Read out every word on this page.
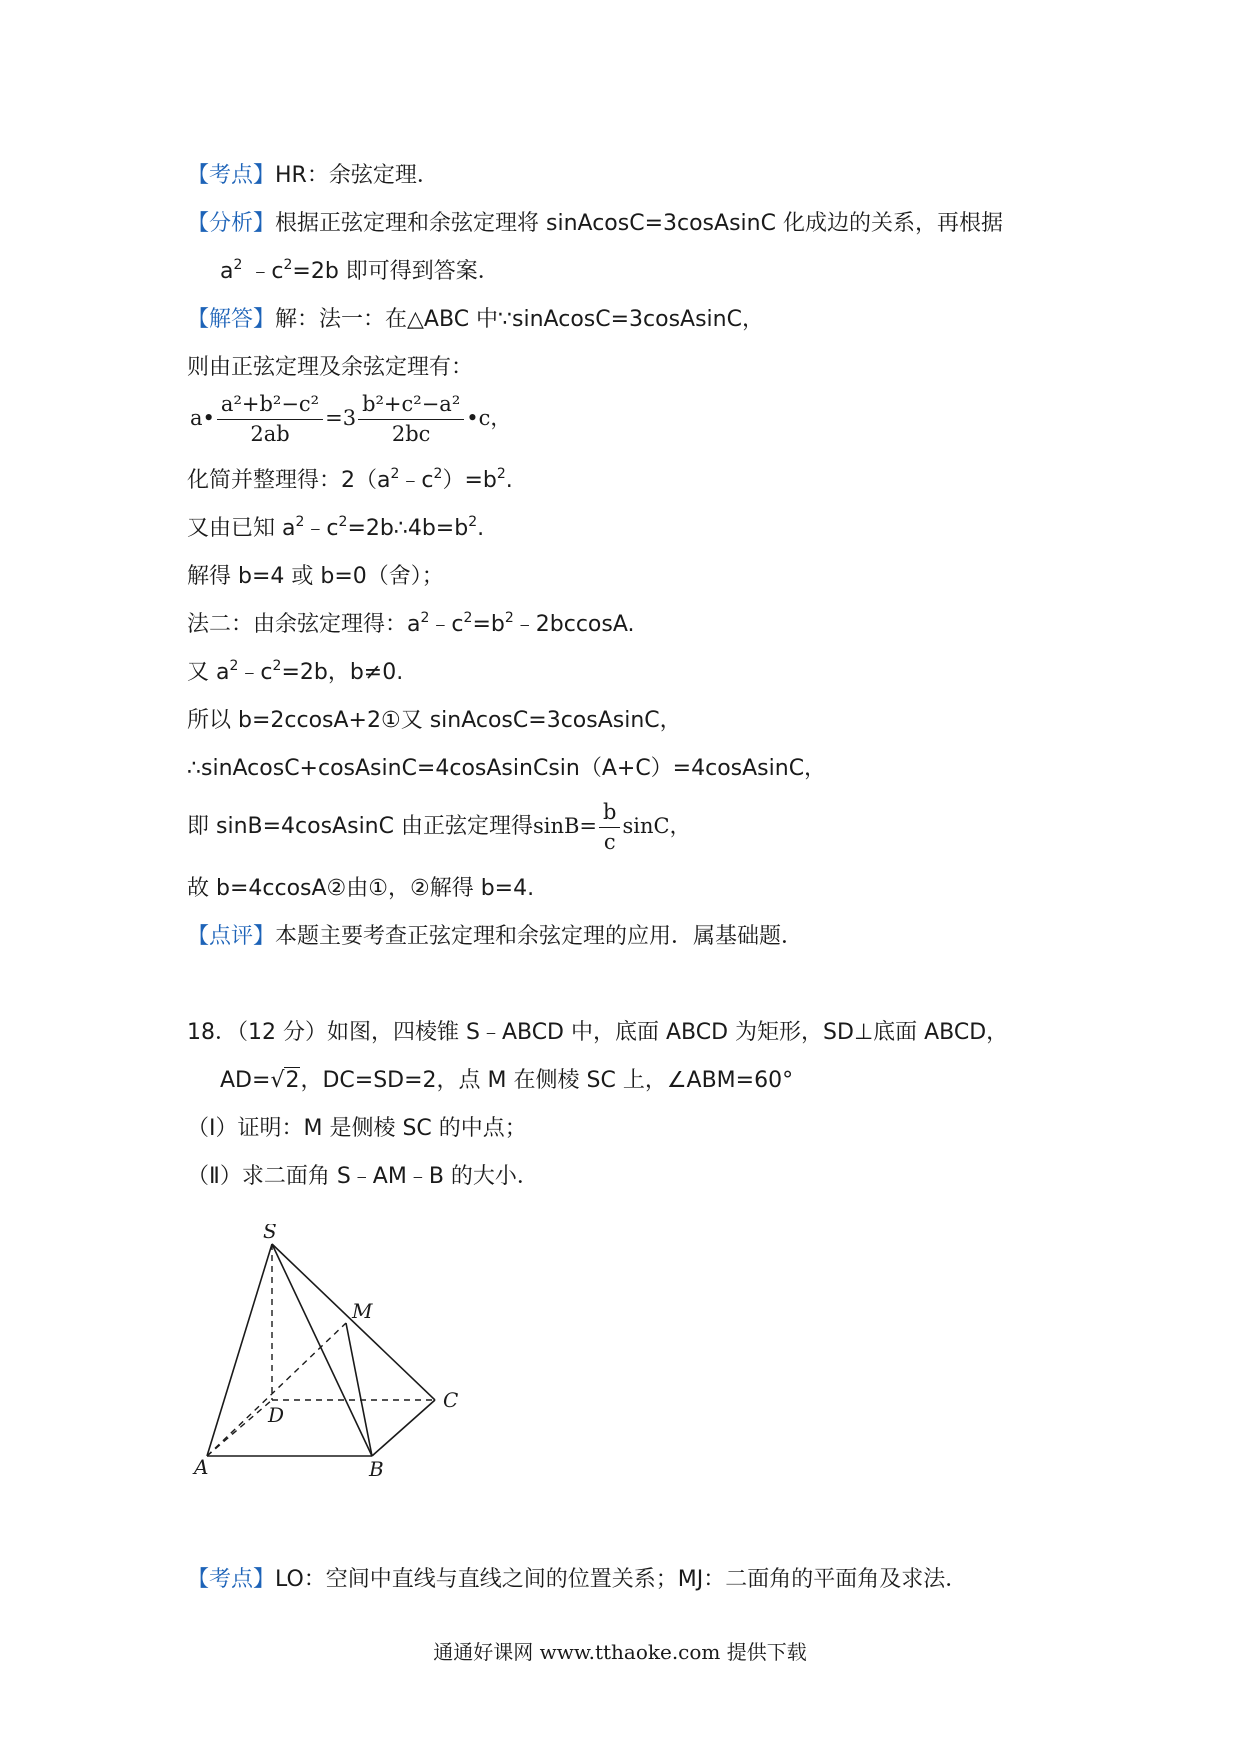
【考点】HR：余弦定理．
【分析】根据正弦定理和余弦定理将 sinAcosC=3cosAsinC 化成边的关系，再根据
$a^2$ $﹣c^2=2b$ 即可得到答案．
【解答】解：法一：在△ABC 中∵sinAcosC=3cosAsinC，
则由正弦定理及余弦定理有：
a• $\frac{\text{a²+b²−c²}}{2ab} =3 \frac{\text{b²+c²−a²}}{2bc}$ •c，
化简并整理得：$2(a^2﹣c^2)=b^2$.
又由已知 $a^2﹣c^2=2b\therefore 4b=b^2$.
解得 b=4 或 b=0（舍）；
法二：由余弦定理得：$a^2﹣c^2=b^2﹣2bccosA$.
又 $a^2﹣c^2=2b$，b≠0.
所以 b=2ccosA+2①又 sinAcosC=3cosAsinC，
∴sinAcosC+cosAsinC=4cosAsinCsin（A+C）=4cosAsinC，
即 sinB=4cosAsinC 由正弦定理得$\sin B= \frac{b}{c}$ sinC，
故 b=4ccosA②由①，②解得 b=4.
【点评】本题主要考查正弦定理和余弦定理的应用．属基础题．
18．（12 分）如图，四棱锥 S﹣ABCD 中，底面 ABCD 为矩形，SD⊥底面 ABCD，
AD=√2，DC=SD=2，点 M 在侧棱 SC 上，∠ABM=60°
（I）证明：M 是侧棱 SC 的中点；
（Ⅱ）求二面角 S﹣AM﹣B 的大小．
S
M
D
C
A	B
【考点】LO：空间中直线与直线之间的位置关系；MJ：二面角的平面角及求法．
通通好课网 www.tthaoke.com 提供下载
